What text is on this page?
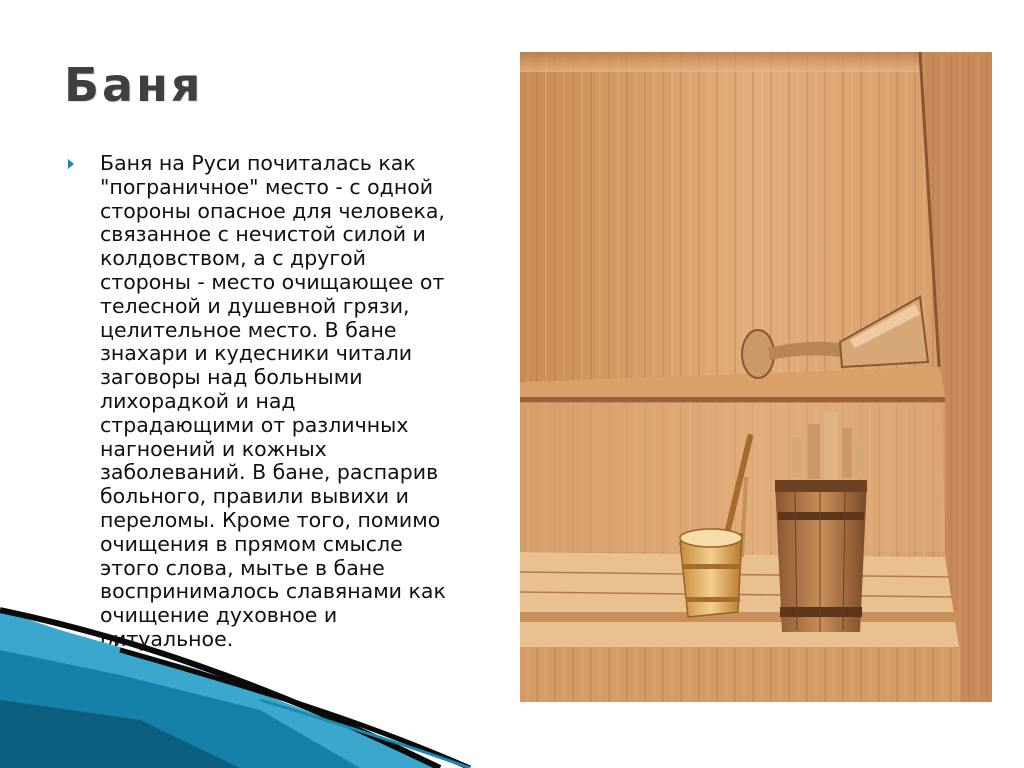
Баня

Баня на Руси почиталась как
"пограничное" место - с одной
стороны опасное для человека,
связанное с нечистой силой и
колдовством, а с другой
стороны - место очищающее от
телесной и душевной грязи,
целительное место. В бане
знахари и кудесники читали
заговоры над больными
лихорадкой и над
страдающими от различных
нагноений и кожных
заболеваний. В бане, распарив
больного, правили вывихи и
переломы. Кроме того, помимо
очищения в прямом смысле
этого слова, мытье в бане
воспринималось славянами как
очищение духовное и
ритуальное.
